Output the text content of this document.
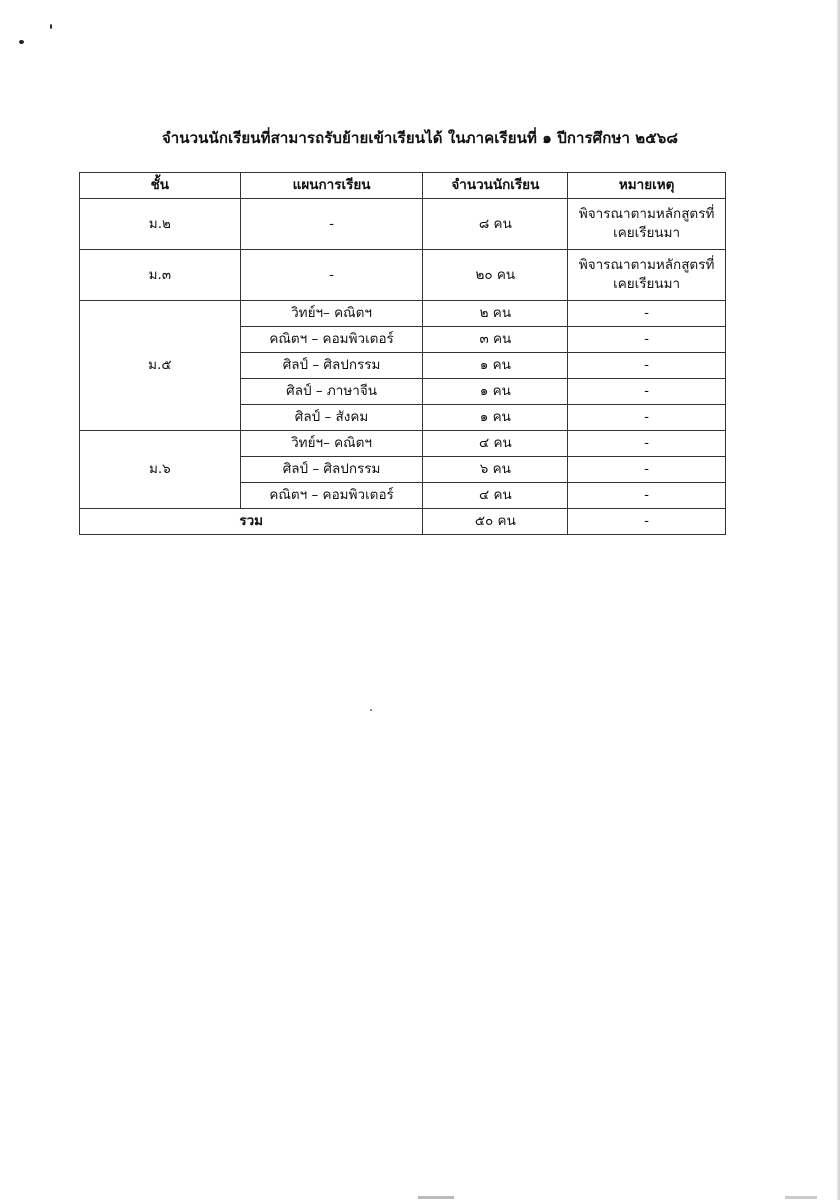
จำนวนนักเรียนที่สามารถรับย้ายเข้าเรียนได้ ในภาคเรียนที่ ๑ ปีการศึกษา ๒๕๖๘
ชั้น	แผนการเรียน	จำนวนนักเรียน	หมายเหตุ
ม.๒	-	๘ คน	พิจารณาตามหลักสูตรที่เคยเรียนมา
ม.๓	-	๒๐ คน	พิจารณาตามหลักสูตรที่เคยเรียนมา
ม.๕	วิทย์ฯ– คณิตฯ	๒ คน	-
	คณิตฯ – คอมพิวเตอร์	๓ คน	-
	ศิลป์ – ศิลปกรรม	๑ คน	-
	ศิลป์ – ภาษาจีน	๑ คน	-
	ศิลป์ – สังคม	๑ คน	-
ม.๖	วิทย์ฯ– คณิตฯ	๔ คน	-
	ศิลป์ – ศิลปกรรม	๖ คน	-
	คณิตฯ – คอมพิวเตอร์	๔ คน	-
รวม		๕๐ คน	-
